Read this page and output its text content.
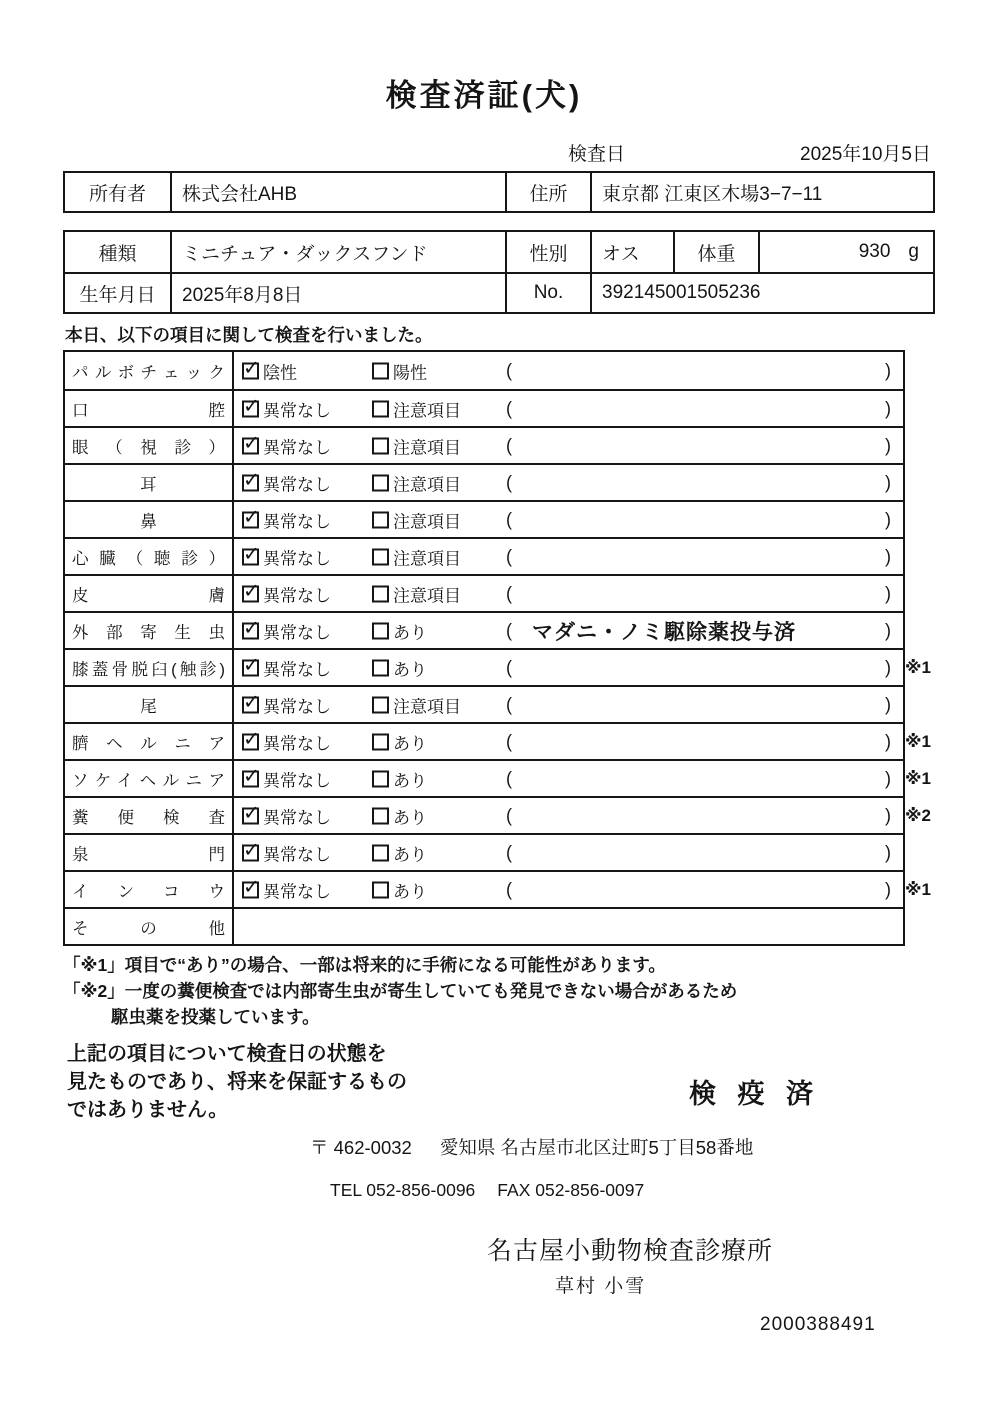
検査済証(犬)
検査日	2025年10月5日
所有者	株式会社AHB	住所	東京都 江東区木場3−7−11
種類	ミニチュア・ダックスフンド	性別	オス	体重	930 g
生年月日	2025年8月8日	No.	392145001505236

本日、以下の項目に関して検査を行いました。

パルボチェック ✓ 陰性	陽性	(	)
口腔 ✓ 異常なし	注意項目	(	)
眼（視診） ✓ 異常なし	注意項目	(	)
耳 ✓	異常なし	注意項目	(	)
鼻 ✓	異常なし	注意項目	(	)
心臓（聴診） ✓ 異常なし	注意項目	(	)
皮膚 ✓ 異常なし	注意項目	(	)
外部寄生虫 ✓ 異常なし	あり	( マダニ・ノミ駆除薬投与済	)
膝蓋骨脱臼(触診) ✓ 異常なし	あり	(	) ※1
尾 ✓	異常なし	注意項目	(	)
臍ヘルニア ✓ 異常なし	あり	(	) ※1
ソケイヘルニア ✓ 異常なし	あり	(	) ※1
糞便検査 ✓ 異常なし	あり	(	) ※2
泉門 ✓ 異常なし	あり	(	)
インコウ ✓ 異常なし	あり	(	) ※1
その他
「※1」項目で“あり”の場合、一部は将来的に手術になる可能性があります。
「※2」一度の糞便検査では内部寄生虫が寄生していても発見できない場合があるため
駆虫薬を投薬しています。
上記の項目について検査日の状態を
見たものであり、将来を保証するもの
ではありません。
検 疫 済
〒 462-0032 愛知県 名古屋市北区辻町5丁目58番地
TEL 052-856-0096 FAX 052-856-0097
名古屋小動物検査診療所
草村 小雪
2000388491
